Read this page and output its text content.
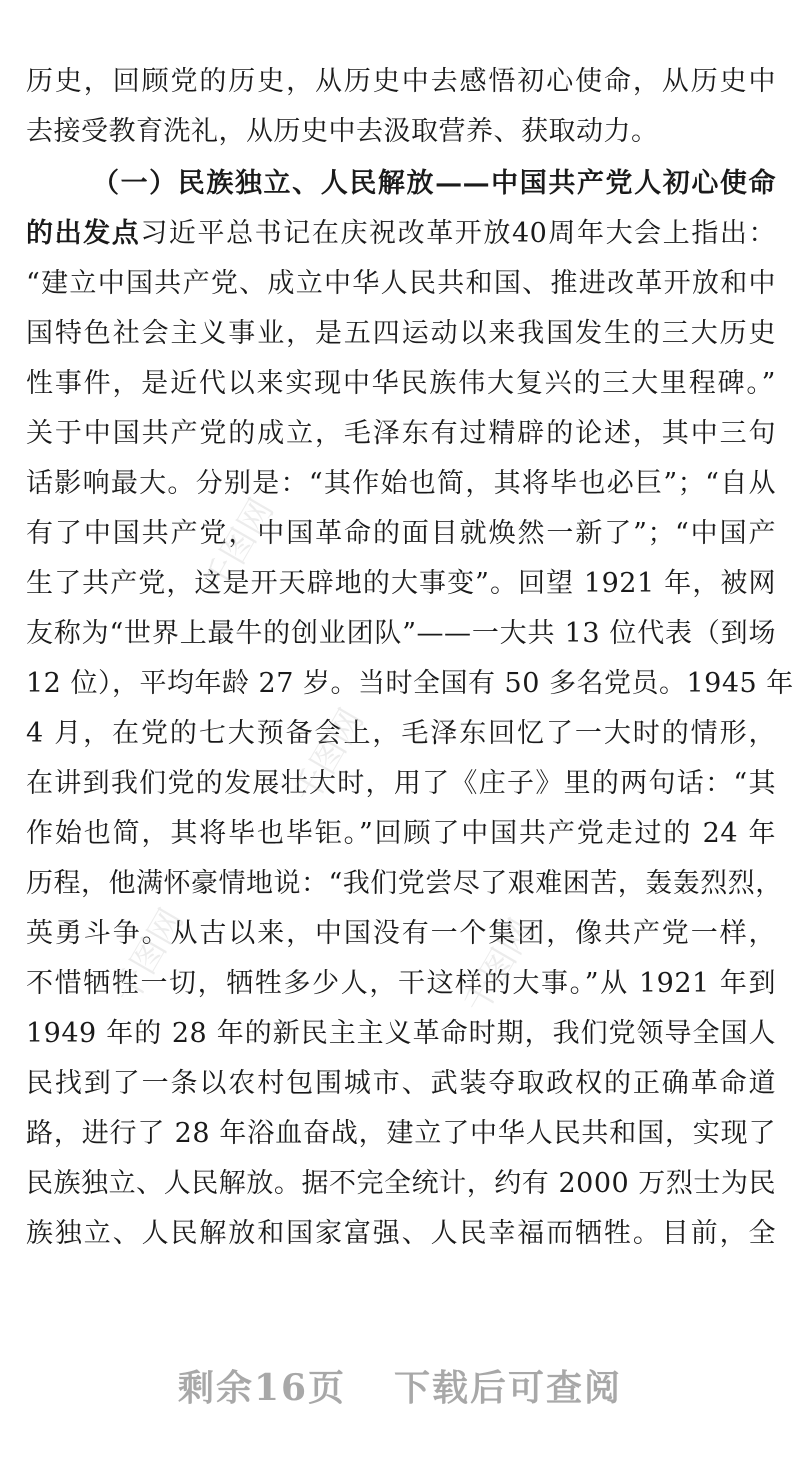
历史，回顾党的历史，从历史中去感悟初心使命，从历史中
去接受教育洗礼，从历史中去汲取营养、获取动力。
（一）民族独立、人民解放——中国共产党人初心使命
的出发点习近平总书记在庆祝改革开放40周年大会上指出：
“建立中国共产党、成立中华人民共和国、推进改革开放和中
国特色社会主义事业，是五四运动以来我国发生的三大历史
性事件，是近代以来实现中华民族伟大复兴的三大里程碑。”
关于中国共产党的成立，毛泽东有过精辟的论述，其中三句
话影响最大。分别是：“其作始也简，其将毕也必巨”；“自从
有了中国共产党，中国革命的面目就焕然一新了”；“中国产
生了共产党，这是开天辟地的大事变”。回望 1921 年，被网
友称为“世界上最牛的创业团队”——一大共 13 位代表（到场
12 位），平均年龄 27 岁。当时全国有 50 多名党员。1945 年
4 月，在党的七大预备会上，毛泽东回忆了一大时的情形，
在讲到我们党的发展壮大时，用了《庄子》里的两句话：“其
作始也简，其将毕也毕钜。”回顾了中国共产党走过的 24 年
历程，他满怀豪情地说：“我们党尝尽了艰难困苦，轰轰烈烈，
英勇斗争。从古以来，中国没有一个集团，像共产党一样，
不惜牺牲一切，牺牲多少人，干这样的大事。”从 1921 年到
1949 年的 28 年的新民主主义革命时期，我们党领导全国人
民找到了一条以农村包围城市、武装夺取政权的正确革命道
路，进行了 28 年浴血奋战，建立了中华人民共和国，实现了
民族独立、人民解放。据不完全统计，约有 2000 万烈士为民
族独立、人民解放和国家富强、人民幸福而牺牲。目前，全
千图网
千图网
千图网	千图网
剩余16页 下载后可查阅
